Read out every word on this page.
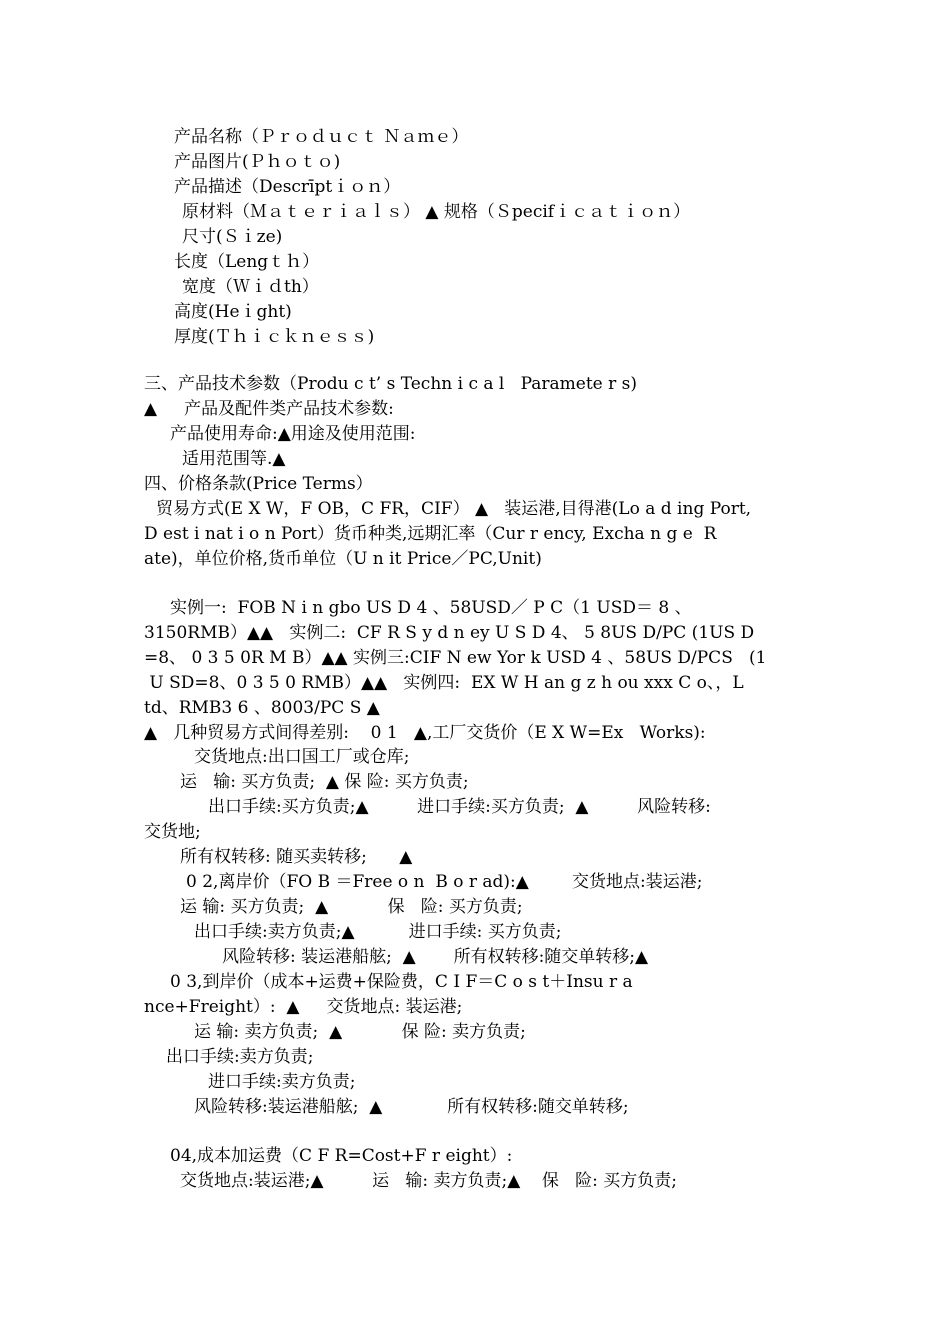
产品名称（Ｐｒｏｄｕｃｔ Ｎａｍｅ）
产品图片(Ｐｈｏｔｏ)
产品描述（Descrīptｉｏｎ）
原材料（Ｍａｔｅｒｉａｌｓ） ▲ 规格（Ｓpecifｉｃａｔｉｏｎ）
尺寸(Ｓｉze)
长度（Lengｔｈ）
宽度（Ｗｉｄth）
高度(Heｉght)
厚度(Ｔｈｉｃｋｎｅｓｓ)
三、产品技术参数（Produ c t’ s Techn i c a l   Paramete r s)
▲     产品及配件类产品技术参数:
产品使用寿命:▲用途及使用范围:
适用范围等.▲
四、价格条款(Price Terms）
贸易方式(E X W，F OB，C FR，CIF） ▲   装运港,目得港(Lo a d ing Port,
D est i nat i o n Port）货币种类,远期汇率（Cur r ency, Excha n g e  R
ate)，单位价格,货币单位（U n it Price／PC,Unit)
实例一:  FOB N i n gbo US D 4 、58USD／ P C（1 USD＝ 8 、
3150RMB）▲▲   实例二:  CF R S y d n ey U S D 4、 5 8US D/PC (1US D
=8、 0 3 5 0R M B）▲▲ 实例三:CIF N ew Yor k USD 4 、58US D/PCS   (1
U SD=8、0 3 5 0 RMB）▲▲   实例四:  EX W H an g z h ou xxx C o、，L
td、RMB3 6 、8003/PC S ▲
▲   几种贸易方式间得差别:    0 1   ▲,工厂交货价（E X W=Ex   Works):
交货地点:出口国工厂或仓库;
运   输: 买方负责;  ▲ 保 险: 买方负责;
出口手续:买方负责;▲         进口手续:买方负责;  ▲         风险转移:
交货地;
所有权转移: 随买卖转移;      ▲
0 2,离岸价（FO B ＝Free o n  B o r ad):▲        交货地点:装运港;
运 输: 买方负责;  ▲           保   险: 买方负责;
出口手续:卖方负责;▲          进口手续: 买方负责;
风险转移: 装运港船舷;  ▲       所有权转移:随交单转移;▲
0 3,到岸价（成本+运费+保险费，C I F＝C o s t＋Insu r a
nce+Freight）:  ▲     交货地点: 装运港;
运 输: 卖方负责;  ▲           保 险: 卖方负责;
出口手续:卖方负责;
进口手续:卖方负责;
风险转移:装运港船舷;  ▲            所有权转移:随交单转移;
04,成本加运费（C F R=Cost+F r eight）:
交货地点:装运港;▲         运   输: 卖方负责;▲    保   险: 买方负责;
